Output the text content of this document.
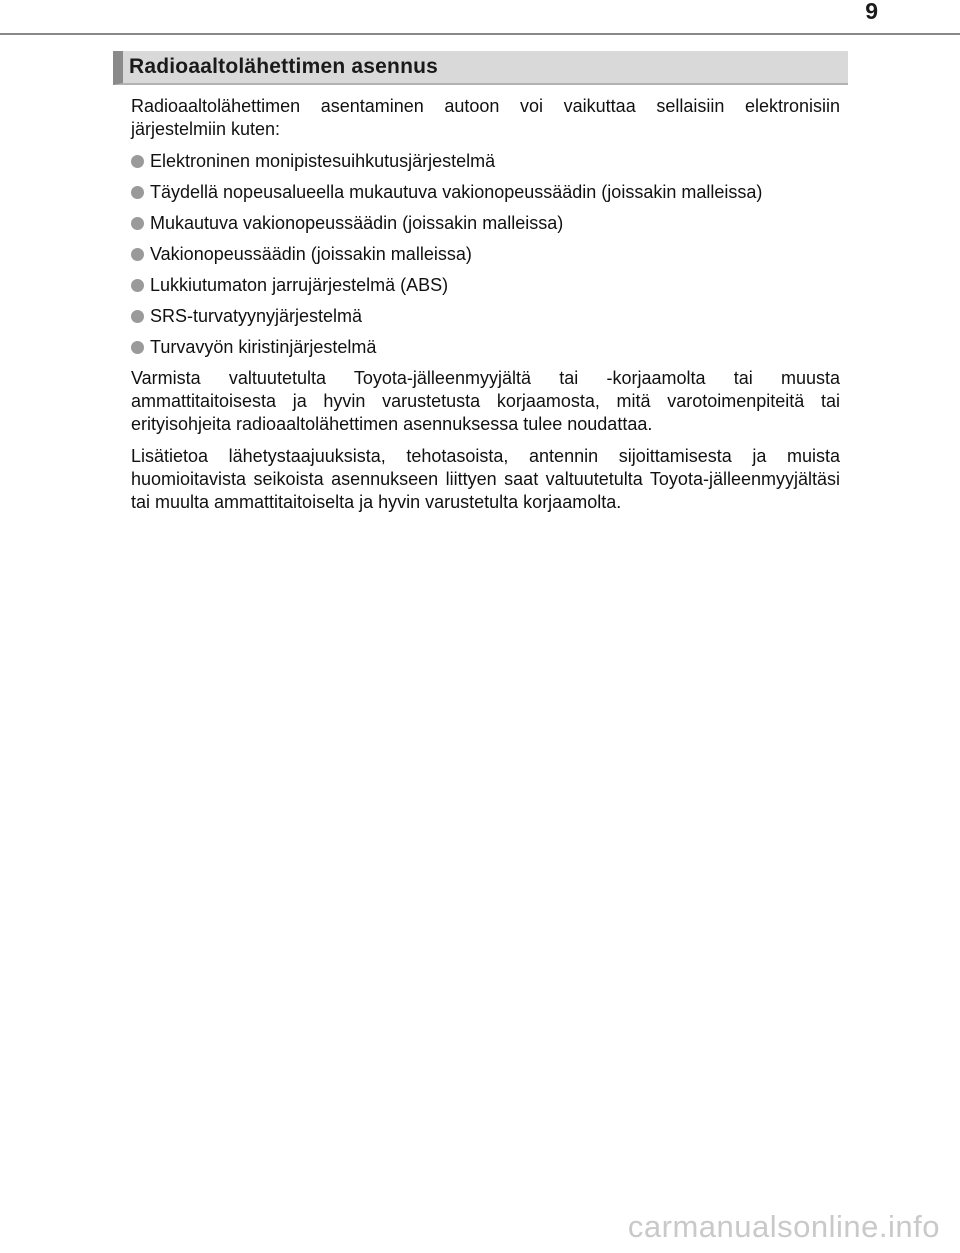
9
Radioaaltolähettimen asennus

Radioaaltolähettimen asentaminen autoon voi vaikuttaa sellaisiin elektronisiin järjestelmiin kuten:

Elektroninen monipistesuihkutusjärjestelmä
Täydellä nopeusalueella mukautuva vakionopeussäädin (joissakin malleissa)
Mukautuva vakionopeussäädin (joissakin malleissa)
Vakionopeussäädin (joissakin malleissa)
Lukkiutumaton jarrujärjestelmä (ABS)
SRS-turvatyynyjärjestelmä
Turvavyön kiristinjärjestelmä

Varmista valtuutetulta Toyota-jälleenmyyjältä tai -korjaamolta tai muusta ammattitaitoisesta ja hyvin varustetusta korjaamosta, mitä varotoimenpiteitä tai erityisohjeita radioaaltolähettimen asennuksessa tulee noudattaa.

Lisätietoa lähetystaajuuksista, tehotasoista, antennin sijoittamisesta ja muista huomioitavista seikoista asennukseen liittyen saat valtuutetulta Toyota-jälleenmyyjältäsi tai muulta ammattitaitoiselta ja hyvin varustetulta korjaamolta.

carmanualsonline.info
